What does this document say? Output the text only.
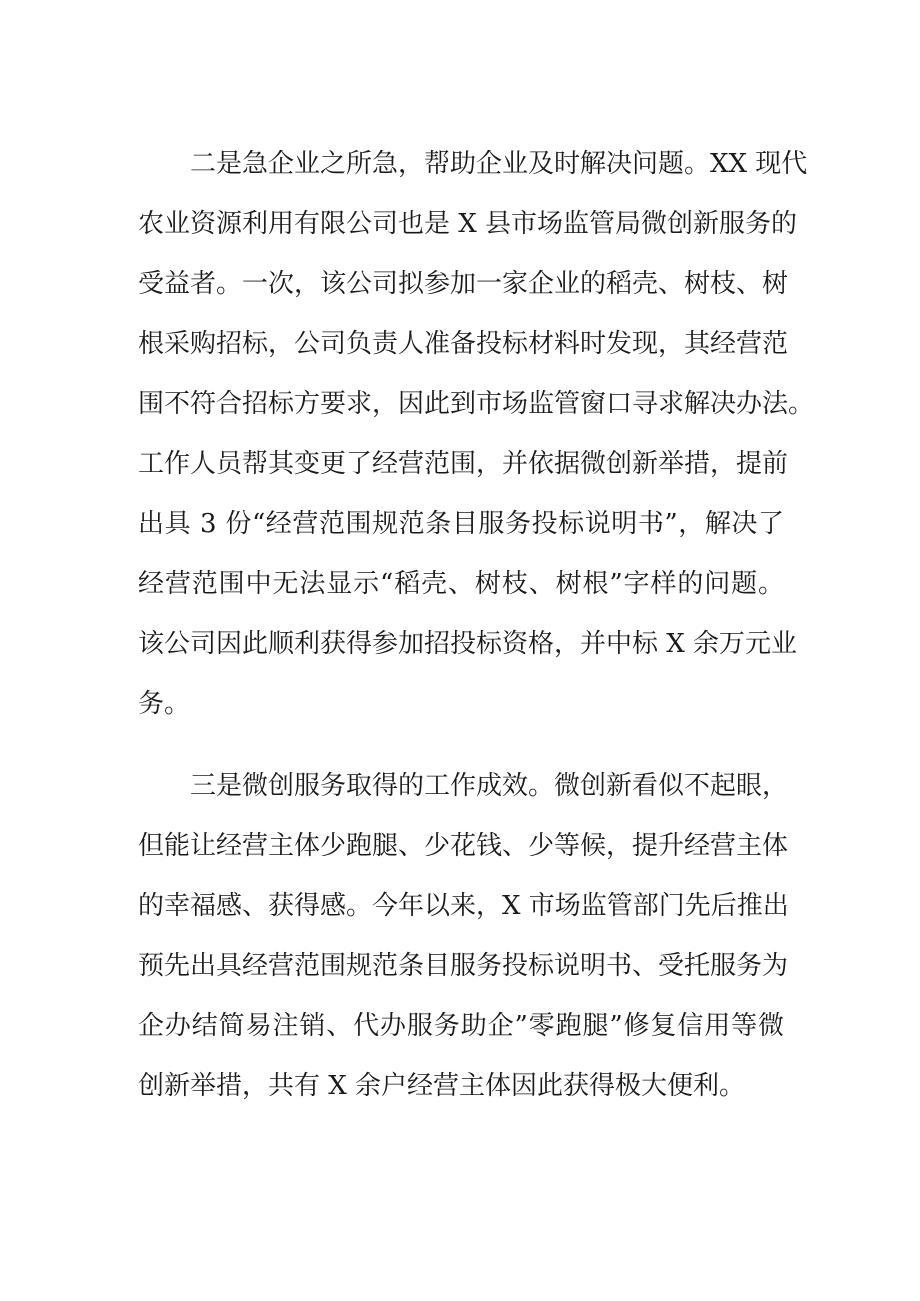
二是急企业之所急，帮助企业及时解决问题。XX 现代
农业资源利用有限公司也是 X 县市场监管局微创新服务的
受益者。一次，该公司拟参加一家企业的稻壳、树枝、树
根采购招标，公司负责人准备投标材料时发现，其经营范
围不符合招标方要求，因此到市场监管窗口寻求解决办法。
工作人员帮其变更了经营范围，并依据微创新举措，提前
出具 3 份“经营范围规范条目服务投标说明书”，解决了
经营范围中无法显示“稻壳、树枝、树根”字样的问题。
该公司因此顺利获得参加招投标资格，并中标 X 余万元业
务。
三是微创服务取得的工作成效。微创新看似不起眼，
但能让经营主体少跑腿、少花钱、少等候，提升经营主体
的幸福感、获得感。今年以来，X 市场监管部门先后推出
预先出具经营范围规范条目服务投标说明书、受托服务为
企办结简易注销、代办服务助企”零跑腿”修复信用等微
创新举措，共有 X 余户经营主体因此获得极大便利。
